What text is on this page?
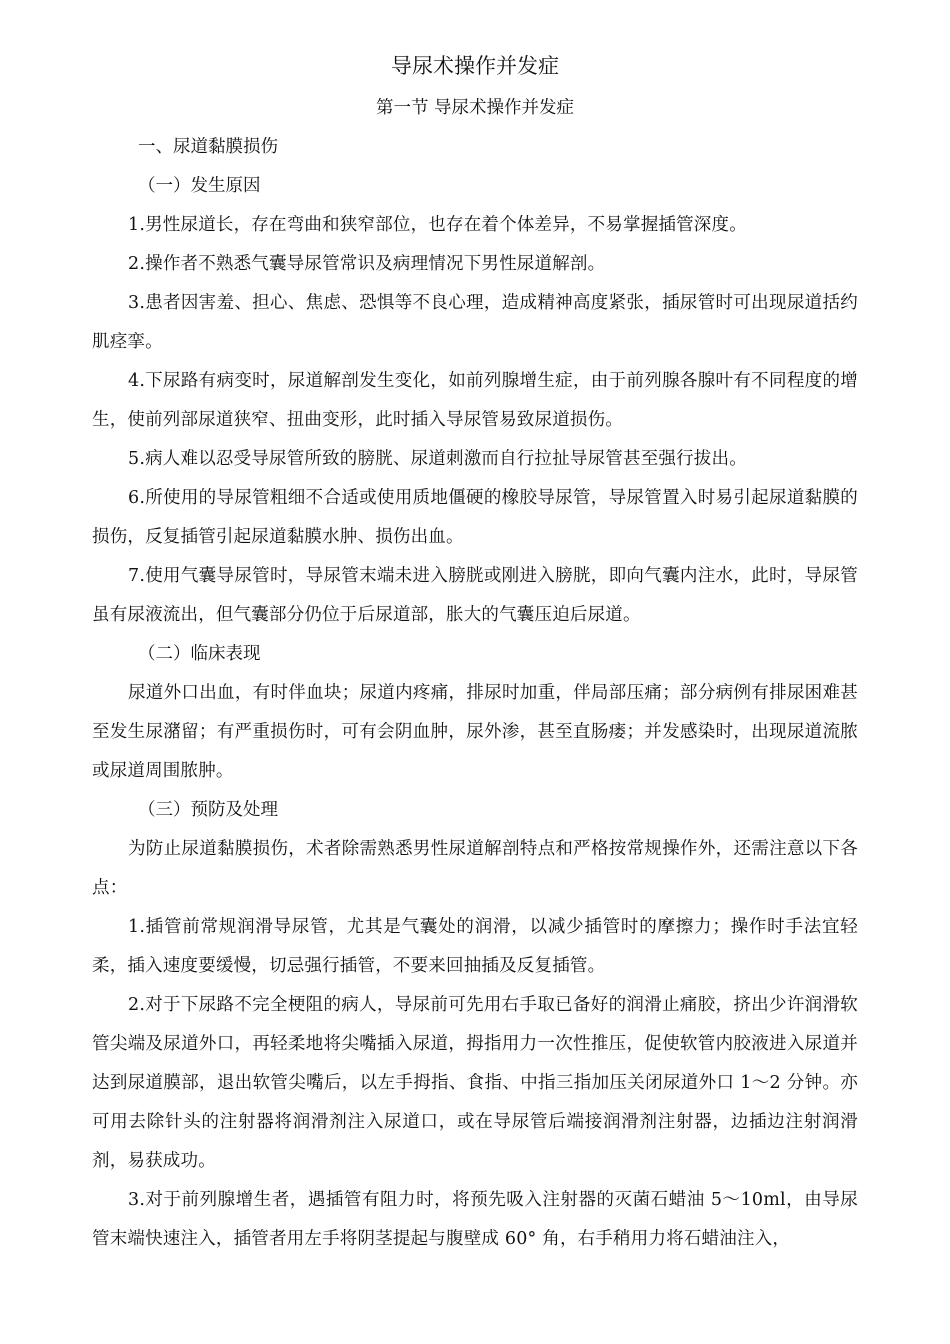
导尿术操作并发症
第一节 导尿术操作并发症

一、尿道黏膜损伤

（一）发生原因

1.男性尿道长，存在弯曲和狭窄部位，也存在着个体差异，不易掌握插管深度。

2.操作者不熟悉气囊导尿管常识及病理情况下男性尿道解剖。

3.患者因害羞、担心、焦虑、恐惧等不良心理，造成精神高度紧张，插尿管时可出现尿道括约肌痉挛。

4.下尿路有病变时，尿道解剖发生变化，如前列腺增生症，由于前列腺各腺叶有不同程度的增生，使前列部尿道狭窄、扭曲变形，此时插入导尿管易致尿道损伤。

5.病人难以忍受导尿管所致的膀胱、尿道刺激而自行拉扯导尿管甚至强行拔出。

6.所使用的导尿管粗细不合适或使用质地僵硬的橡胶导尿管，导尿管置入时易引起尿道黏膜的损伤，反复插管引起尿道黏膜水肿、损伤出血。

7.使用气囊导尿管时，导尿管末端未进入膀胱或刚进入膀胱，即向气囊内注水，此时，导尿管虽有尿液流出，但气囊部分仍位于后尿道部，胀大的气囊压迫后尿道。

（二）临床表现

尿道外口出血，有时伴血块；尿道内疼痛，排尿时加重，伴局部压痛；部分病例有排尿困难甚至发生尿潴留；有严重损伤时，可有会阴血肿，尿外渗，甚至直肠瘘；并发感染时，出现尿道流脓或尿道周围脓肿。

（三）预防及处理

为防止尿道黏膜损伤，术者除需熟悉男性尿道解剖特点和严格按常规操作外，还需注意以下各点：

1.插管前常规润滑导尿管，尤其是气囊处的润滑，以减少插管时的摩擦力；操作时手法宜轻柔，插入速度要缓慢，切忌强行插管，不要来回抽插及反复插管。

2.对于下尿路不完全梗阻的病人，导尿前可先用右手取已备好的润滑止痛胶，挤出少许润滑软管尖端及尿道外口，再轻柔地将尖嘴插入尿道，拇指用力一次性推压，促使软管内胶液进入尿道并达到尿道膜部，退出软管尖嘴后，以左手拇指、食指、中指三指加压关闭尿道外口 1～2 分钟。亦可用去除针头的注射器将润滑剂注入尿道口，或在导尿管后端接润滑剂注射器，边插边注射润滑剂，易获成功。

3.对于前列腺增生者，遇插管有阻力时，将预先吸入注射器的灭菌石蜡油 5～10ml，由导尿管末端快速注入，插管者用左手将阴茎提起与腹壁成 60° 角，右手稍用力将石蜡油注入，
